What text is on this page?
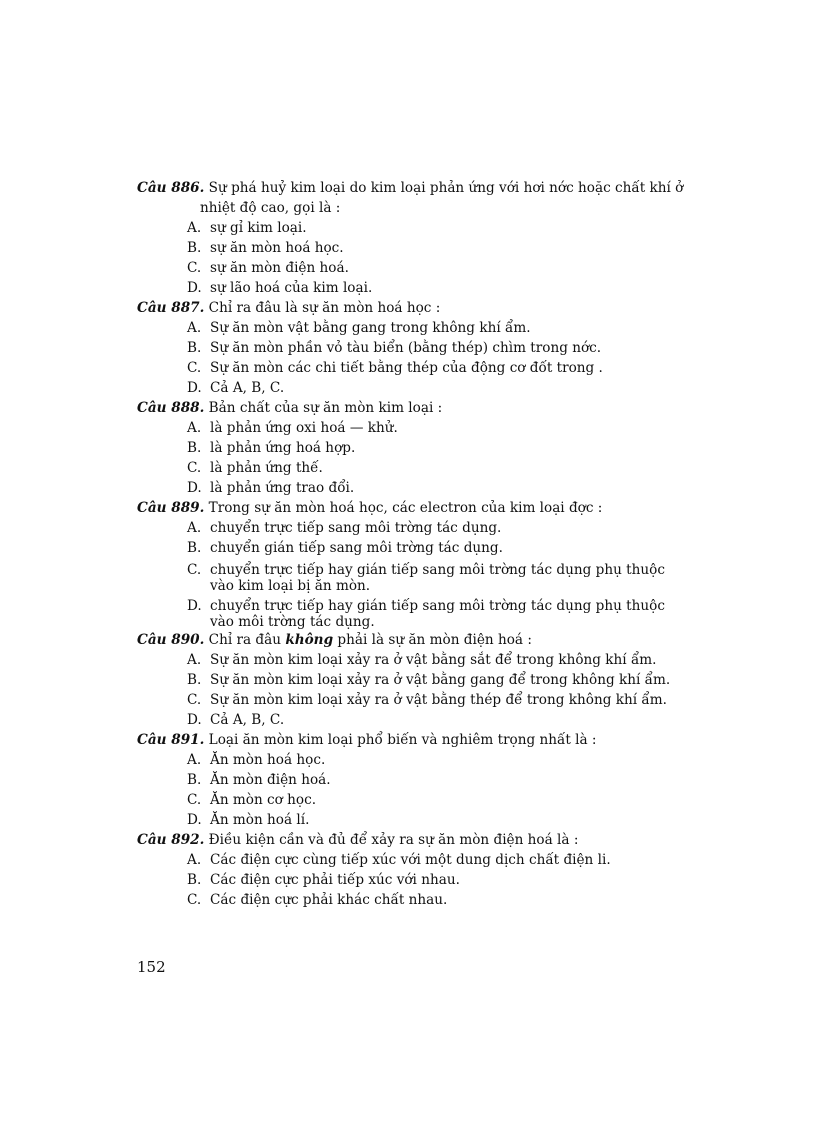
Câu 886. Sự phá huỷ kim loại do kim loại phản ứng với hơi nớc hoặc chất khí ở
nhiệt độ cao, gọi là :
A. sự gỉ kim loại.
B. sự ăn mòn hoá học.
C. sự ăn mòn điện hoá.
D. sự lão hoá của kim loại.
Câu 887. Chỉ ra đâu là sự ăn mòn hoá học :
A. Sự ăn mòn vật bằng gang trong không khí ẩm.
B. Sự ăn mòn phần vỏ tàu biển (bằng thép) chìm trong nớc.
C. Sự ăn mòn các chi tiết bằng thép của động cơ đốt trong .
D. Cả A, B, C.
Câu 888. Bản chất của sự ăn mòn kim loại :
A. là phản ứng oxi hoá — khử.
B. là phản ứng hoá hợp.
C. là phản ứng thế.
D. là phản ứng trao đổi.
Câu 889. Trong sự ăn mòn hoá học, các electron của kim loại đợc :
A. chuyển trực tiếp sang môi trờng tác dụng.
B. chuyển gián tiếp sang môi trờng tác dụng.
C. chuyển trực tiếp hay gián tiếp sang môi trờng tác dụng phụ thuộc vào kim loại bị ăn mòn.
D. chuyển trực tiếp hay gián tiếp sang môi trờng tác dụng phụ thuộc vào môi trờng tác dụng.
Câu 890. Chỉ ra đâu không phải là sự ăn mòn điện hoá :
A. Sự ăn mòn kim loại xảy ra ở vật bằng sắt để trong không khí ẩm.
B. Sự ăn mòn kim loại xảy ra ở vật bằng gang để trong không khí ẩm.
C. Sự ăn mòn kim loại xảy ra ở vật bằng thép để trong không khí ẩm.
D. Cả A, B, C.
Câu 891. Loại ăn mòn kim loại phổ biến và nghiêm trọng nhất là :
A. Ăn mòn hoá học.
B. Ăn mòn điện hoá.
C. Ăn mòn cơ học.
D. Ăn mòn hoá lí.
Câu 892. Điều kiện cần và đủ để xảy ra sự ăn mòn điện hoá là :
A. Các điện cực cùng tiếp xúc với một dung dịch chất điện li.
B. Các điện cực phải tiếp xúc với nhau.
C. Các điện cực phải khác chất nhau.
152
